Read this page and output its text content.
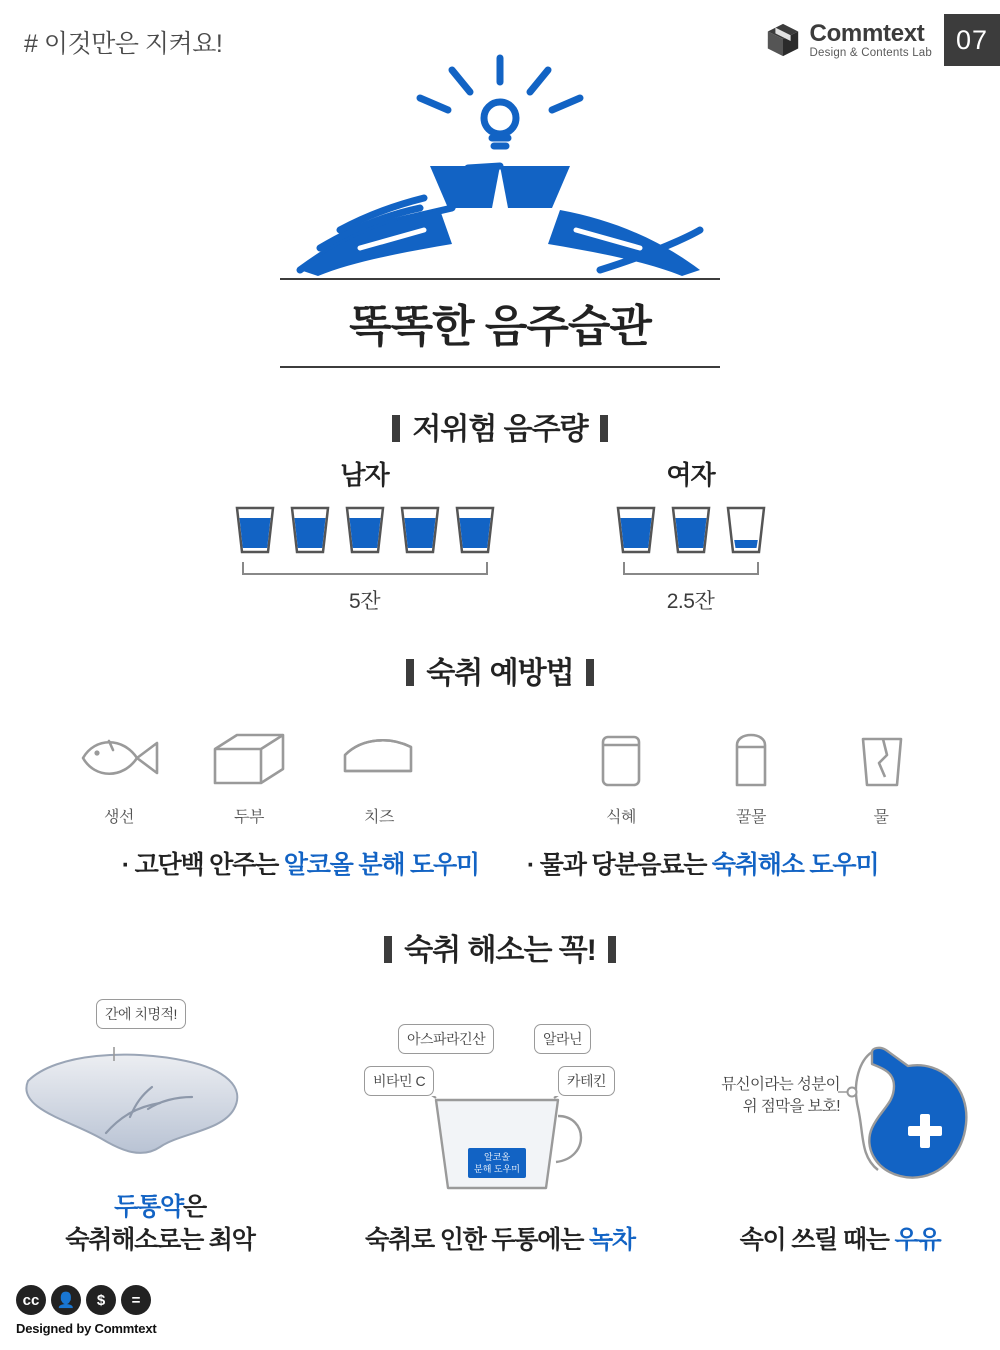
# 이것만은 지켜요!	Commtext
Design & Contents Lab 07
똑똑한 음주습관
저위험 음주량
남자
5잔
여자
2.5잔
숙취 예방법
생선	두부	치즈	식혜	꿀물	물
· 고단백 안주는 알코올 분해 도우미 · 물과 당분음료는 숙취해소 도우미
숙취 해소는 꼭!
간에 치명적!
두통약은
숙취해소로는 최악
아스파라긴산	알라닌
비타민 C	카테킨
알코올
분해 도우미
숙취로 인한 두통에는 녹차
뮤신이라는 성분이
위 점막을 보호!
속이 쓰릴 때는 우유
cc	👤	$	=
Designed by Commtext
